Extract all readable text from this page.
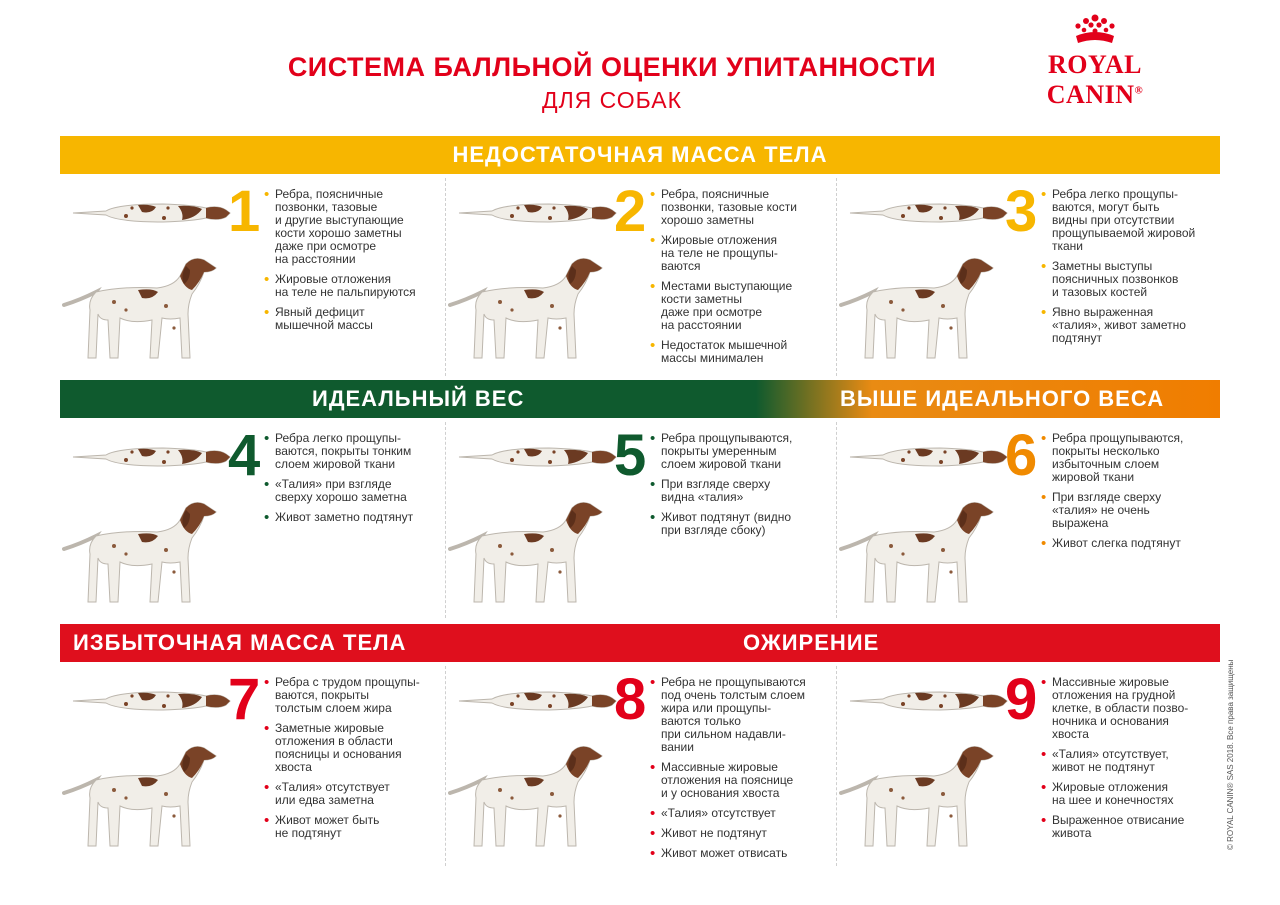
СИСТЕМА БАЛЛЬНОЙ ОЦЕНКИ УПИТАННОСТИ
ДЛЯ СОБАК
ROYAL CANIN®
НЕДОСТАТОЧНАЯ МАССА ТЕЛА
1	• Ребра, поясничные
позвонки, тазовые
и другие выступающие
кости хорошо заметны
даже при осмотре
на расстоянии
• Жировые отложения
на теле не пальпируются
• Явный дефицит
мышечной массы
2	• Ребра, поясничные
позвонки, тазовые кости
хорошо заметны
• Жировые отложения
на теле не прощупы-
ваются
• Местами выступающие
кости заметны
даже при осмотре
на расстоянии
• Недостаток мышечной
массы минимален
3	• Ребра легко прощупы-
ваются, могут быть
видны при отсутствии
прощупываемой жировой
ткани
• Заметны выступы
поясничных позвонков
и тазовых костей
• Явно выраженная
«талия», живот заметно
подтянут
ИДЕАЛЬНЫЙ ВЕС	ВЫШЕ ИДЕАЛЬНОГО ВЕСА
4	• Ребра легко прощупы-
ваются, покрыты тонким
слоем жировой ткани
• «Талия» при взгляде
сверху хорошо заметна
• Живот заметно подтянут
5	• Ребра прощупываются,
покрыты умеренным
слоем жировой ткани
• При взгляде сверху
видна «талия»
• Живот подтянут (видно
при взгляде сбоку)
6	• Ребра прощупываются,
покрыты несколько
избыточным слоем
жировой ткани
• При взгляде сверху
«талия» не очень
выражена
• Живот слегка подтянут
ИЗБЫТОЧНАЯ МАССА ТЕЛА	ОЖИРЕНИЕ
7	• Ребра с трудом прощупы-
ваются, покрыты
толстым слоем жира
• Заметные жировые
отложения в области
поясницы и основания
хвоста
• «Талия» отсутствует
или едва заметна
• Живот может быть
не подтянут
8	• Ребра не прощупываются
под очень толстым слоем
жира или прощупы-
ваются только
при сильном надавли-
вании
• Массивные жировые
отложения на пояснице
и у основания хвоста
• «Талия» отсутствует
• Живот не подтянут
• Живот может отвисать
9	• Массивные жировые
отложения на грудной
клетке, в области позво-
ночника и основания
хвоста
• «Талия» отсутствует,
живот не подтянут
• Жировые отложения
на шее и конечностях
• Выраженное отвисание
живота	© ROYAL CANIN® SAS 2018. Все права защищены
